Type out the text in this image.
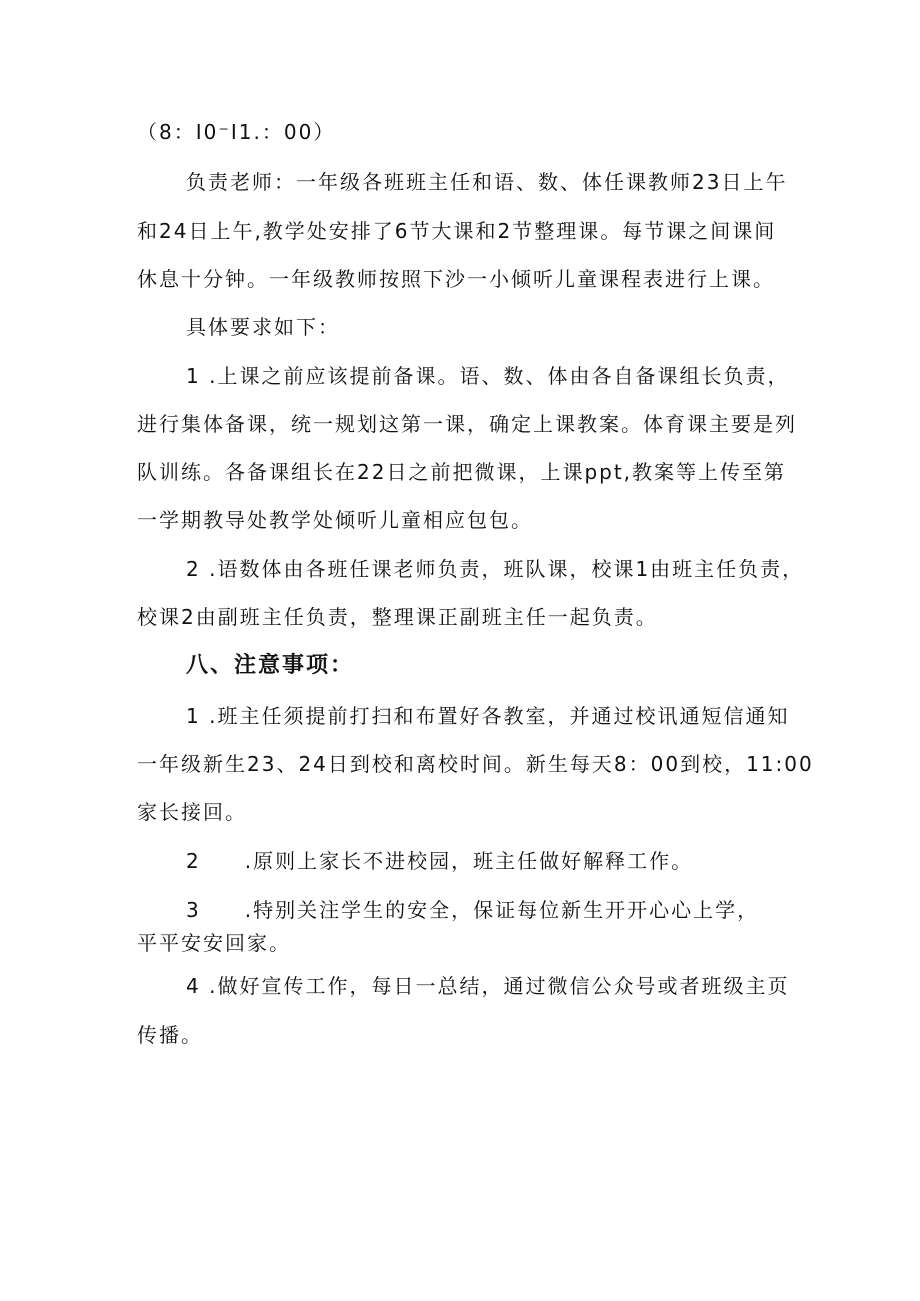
（8：I0⁻I1.：00）
负责老师：一年级各班班主任和语、数、体任课教师23日上午
和24日上午,教学处安排了6节大课和2节整理课。每节课之间课间
休息十分钟。一年级教师按照下沙一小倾听儿童课程表进行上课。
具体要求如下：
1 .上课之前应该提前备课。语、数、体由各自备课组长负责，
进行集体备课，统一规划这第一课，确定上课教案。体育课主要是列
队训练。各备课组长在22日之前把微课，上课ppt,教案等上传至第
一学期教导处教学处倾听儿童相应包包。
2 .语数体由各班任课老师负责，班队课，校课1由班主任负责，
校课2由副班主任负责，整理课正副班主任一起负责。
八、注意事项：
1 .班主任须提前打扫和布置好各教室，并通过校讯通短信通知
一年级新生23、24日到校和离校时间。新生每天8：00到校，11:00
家长接回。
2　　.原则上家长不进校园，班主任做好解释工作。
3　　.特别关注学生的安全，保证每位新生开开心心上学，
平平安安回家。
4 .做好宣传工作，每日一总结，通过微信公众号或者班级主页
传播。
